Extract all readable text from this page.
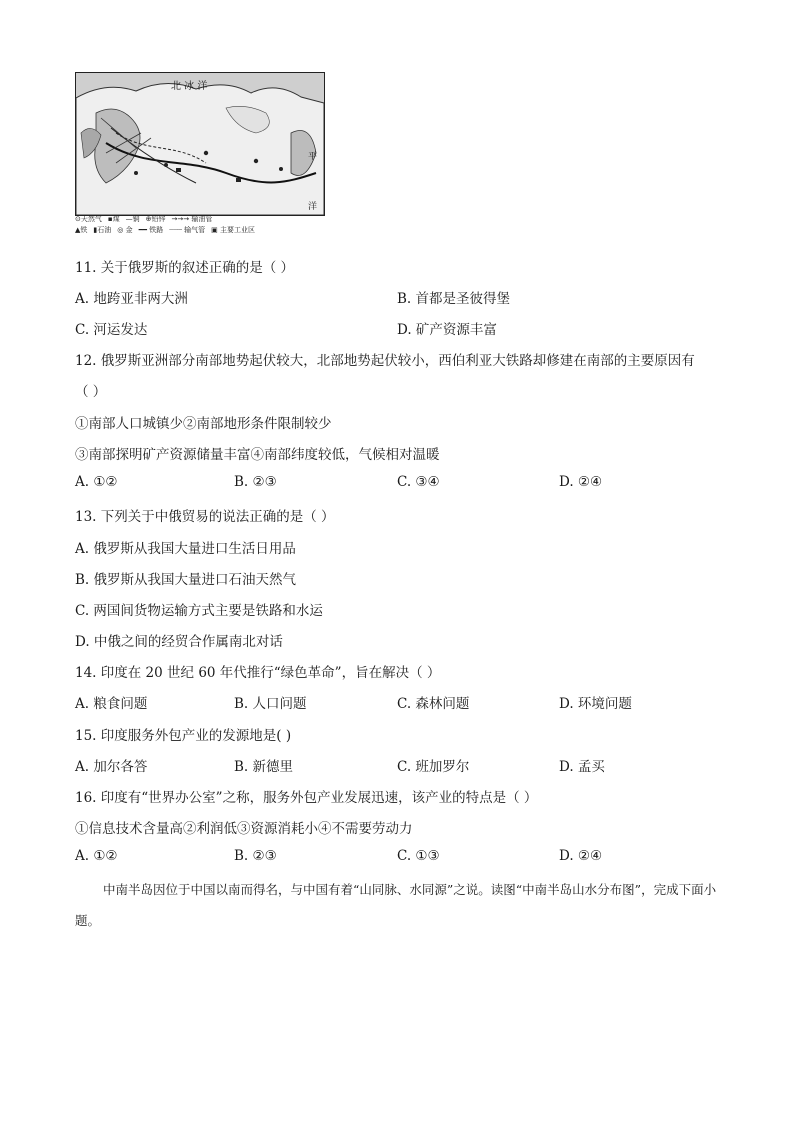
北 冰 洋
平
洋
⊙天然气 ▪煤 —铜 ⊕铅锌 →→→ 输油管
▲铁 ▮石油 ◎ 金 ━━ 铁路 ┈┈┈ 输气管 ▣ 主要工业区
11. 关于俄罗斯的叙述正确的是（ ）
A. 地跨亚非两大洲	B. 首都是圣彼得堡
C. 河运发达	D. 矿产资源丰富
12. 俄罗斯亚洲部分南部地势起伏较大，北部地势起伏较小，西伯利亚大铁路却修建在南部的主要原因有
（ ）
①南部人口城镇少②南部地形条件限制较少
③南部探明矿产资源储量丰富④南部纬度较低，气候相对温暖
A. ①②	B. ②③	C. ③④	D. ②④
13. 下列关于中俄贸易的说法正确的是（ ）
A. 俄罗斯从我国大量进口生活日用品
B. 俄罗斯从我国大量进口石油天然气
C. 两国间货物运输方式主要是铁路和水运
D. 中俄之间的经贸合作属南北对话
14. 印度在 20 世纪 60 年代推行“绿色革命”，旨在解决（ ）
A. 粮食问题	B. 人口问题	C. 森林问题	D. 环境问题
15. 印度服务外包产业的发源地是( )
A. 加尔各答	B. 新德里	C. 班加罗尔	D. 孟买
16. 印度有“世界办公室”之称，服务外包产业发展迅速，该产业的特点是（ ）
①信息技术含量高②利润低③资源消耗小④不需要劳动力
A. ①②	B. ②③	C. ①③	D. ②④
中南半岛因位于中国以南而得名，与中国有着“山同脉、水同源”之说。读图“中南半岛山水分布图”，完成下面小题。
